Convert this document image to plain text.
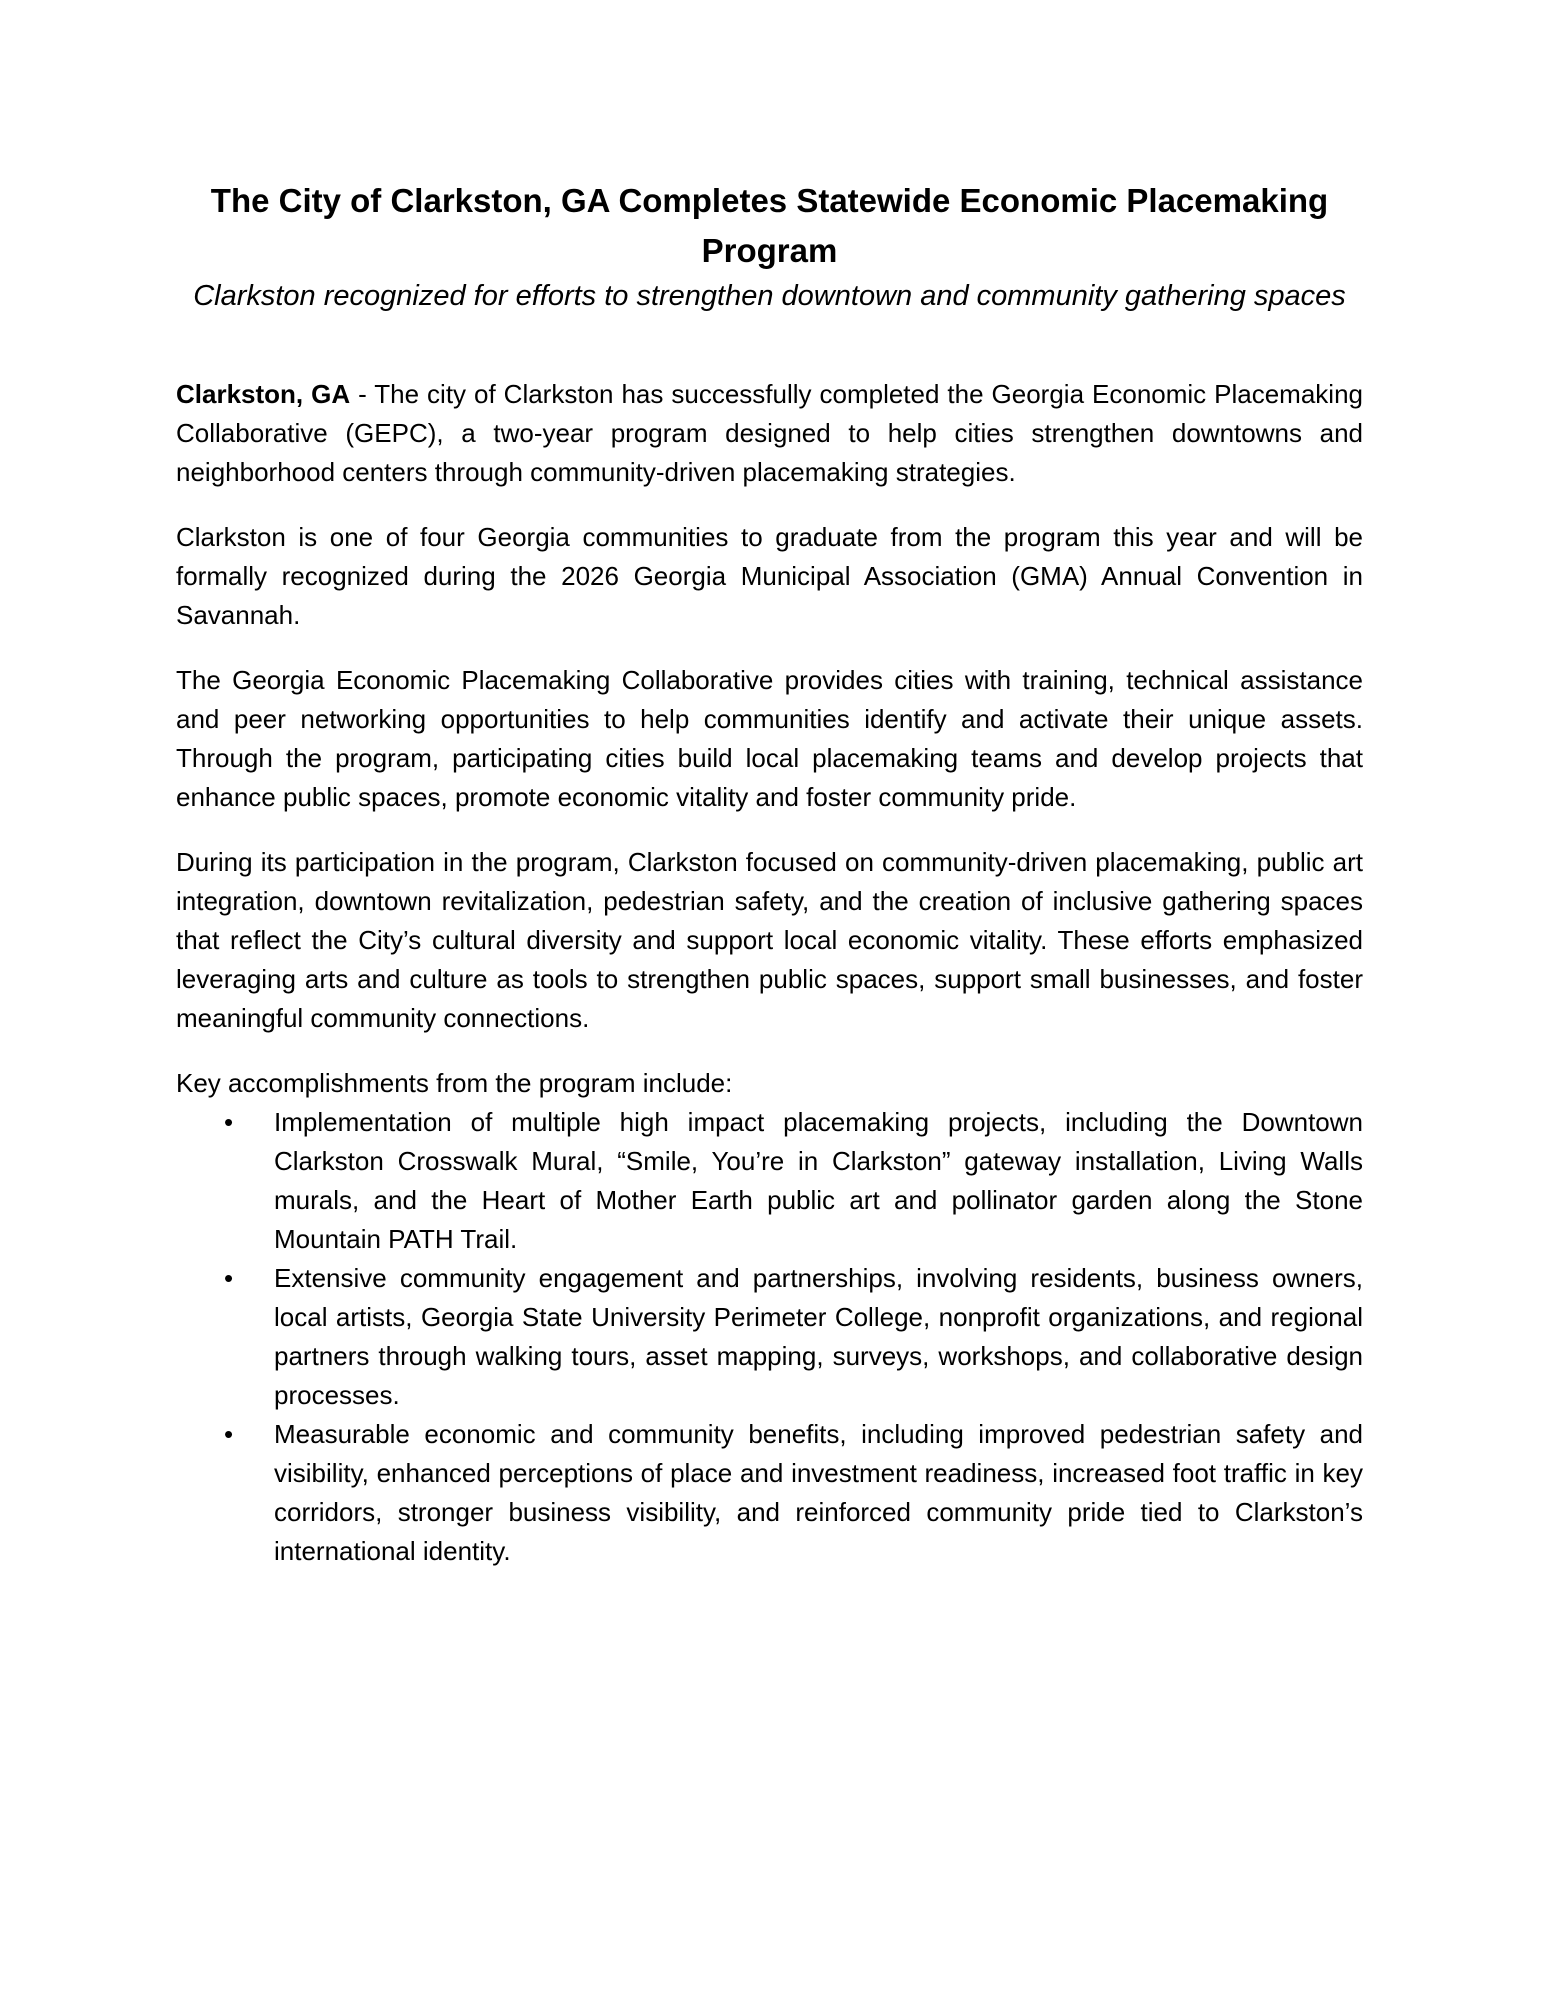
The City of Clarkston, GA Completes Statewide Economic Placemaking Program
Clarkston recognized for efforts to strengthen downtown and community gathering spaces

Clarkston, GA - The city of Clarkston has successfully completed the Georgia Economic Placemaking Collaborative (GEPC), a two-year program designed to help cities strengthen downtowns and neighborhood centers through community-driven placemaking strategies.

Clarkston is one of four Georgia communities to graduate from the program this year and will be formally recognized during the 2026 Georgia Municipal Association (GMA) Annual Convention in Savannah.

The Georgia Economic Placemaking Collaborative provides cities with training, technical assistance and peer networking opportunities to help communities identify and activate their unique assets. Through the program, participating cities build local placemaking teams and develop projects that enhance public spaces, promote economic vitality and foster community pride.

During its participation in the program, Clarkston focused on community-driven placemaking, public art integration, downtown revitalization, pedestrian safety, and the creation of inclusive gathering spaces that reflect the City’s cultural diversity and support local economic vitality. These efforts emphasized leveraging arts and culture as tools to strengthen public spaces, support small businesses, and foster meaningful community connections.

Key accomplishments from the program include:

• Implementation of multiple high impact placemaking projects, including the Downtown Clarkston Crosswalk Mural, “Smile, You’re in Clarkston” gateway installation, Living Walls murals, and the Heart of Mother Earth public art and pollinator garden along the Stone Mountain PATH Trail.
• Extensive community engagement and partnerships, involving residents, business owners, local artists, Georgia State University Perimeter College, nonprofit organizations, and regional partners through walking tours, asset mapping, surveys, workshops, and collaborative design processes.
• Measurable economic and community benefits, including improved pedestrian safety and visibility, enhanced perceptions of place and investment readiness, increased foot traffic in key corridors, stronger business visibility, and reinforced community pride tied to Clarkston’s international identity.
